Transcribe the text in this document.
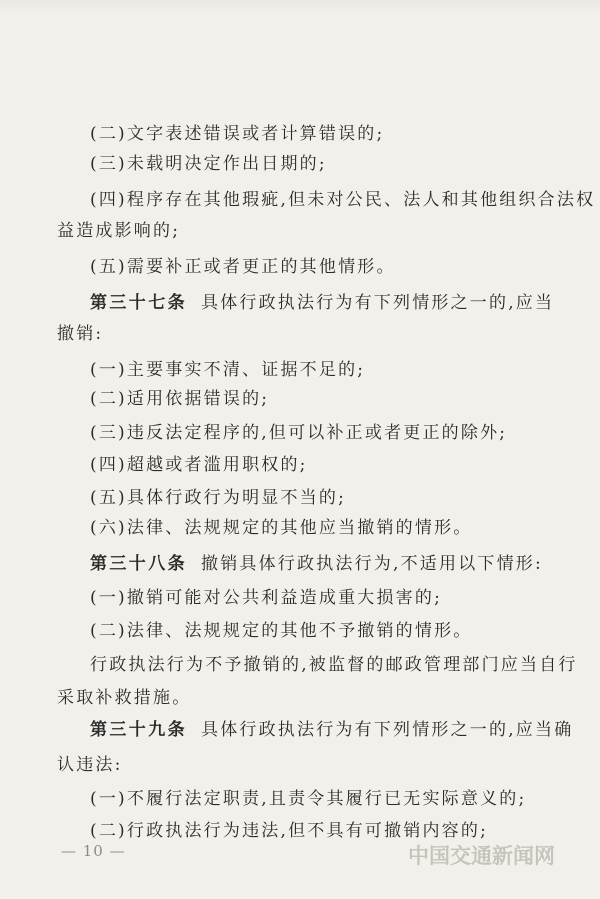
(二)文字表述错误或者计算错误的;
(三)未载明决定作出日期的;
(四)程序存在其他瑕疵,但未对公民、法人和其他组织合法权
益造成影响的;
(五)需要补正或者更正的其他情形。
第三十七条 具体行政执法行为有下列情形之一的,应当
撤销:
(一)主要事实不清、证据不足的;
(二)适用依据错误的;
(三)违反法定程序的,但可以补正或者更正的除外;
(四)超越或者滥用职权的;
(五)具体行政行为明显不当的;
(六)法律、法规规定的其他应当撤销的情形。
第三十八条 撤销具体行政执法行为,不适用以下情形:
(一)撤销可能对公共利益造成重大损害的;
(二)法律、法规规定的其他不予撤销的情形。
行政执法行为不予撤销的,被监督的邮政管理部门应当自行
采取补救措施。
第三十九条 具体行政执法行为有下列情形之一的,应当确
认违法:
(一)不履行法定职责,且责令其履行已无实际意义的;
(二)行政执法行为违法,但不具有可撤销内容的;
— 10 —	中国交通新闻网
